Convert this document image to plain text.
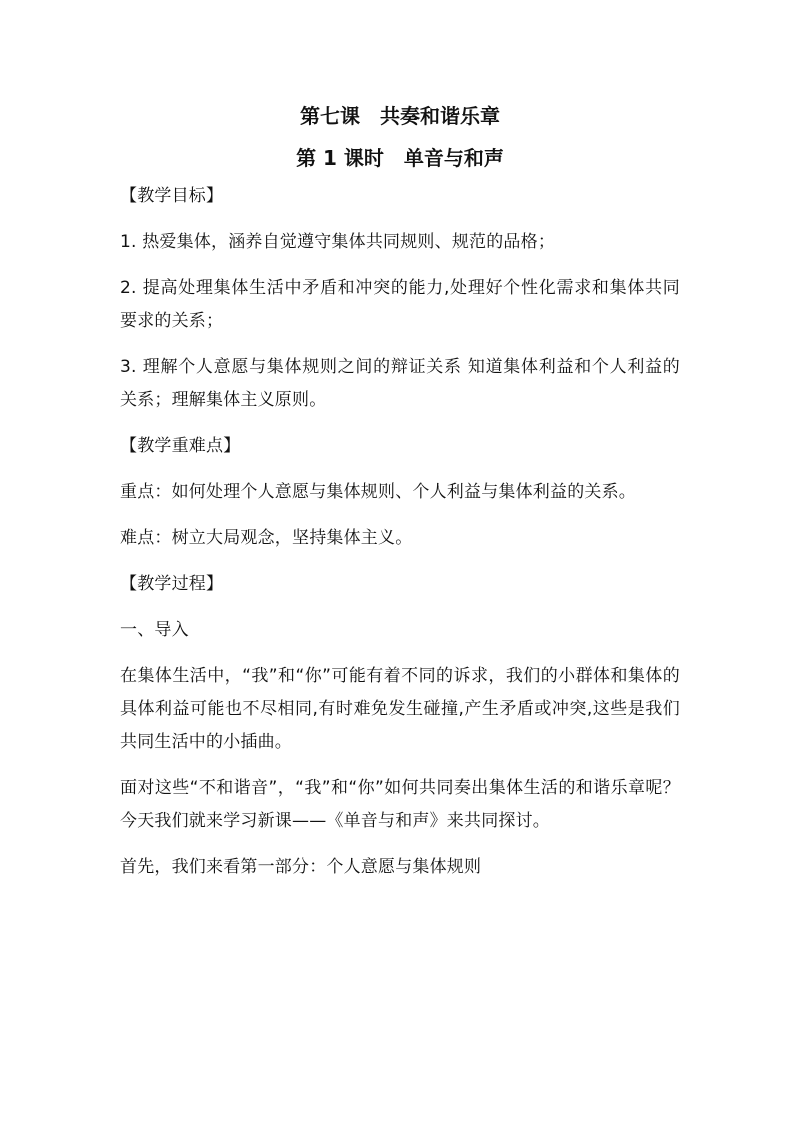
第七课　共奏和谐乐章
第 1 课时　单音与和声

【教学目标】

1. 热爱集体，涵养自觉遵守集体共同规则、规范的品格；

2. 提高处理集体生活中矛盾和冲突的能力,处理好个性化需求和集体共同要求的关系；

3. 理解个人意愿与集体规则之间的辩证关系 知道集体利益和个人利益的关系；理解集体主义原则。

【教学重难点】

重点：如何处理个人意愿与集体规则、个人利益与集体利益的关系。

难点：树立大局观念，坚持集体主义。

【教学过程】

一、导入

在集体生活中，“我”和“你”可能有着不同的诉求，我们的小群体和集体的具体利益可能也不尽相同,有时难免发生碰撞,产生矛盾或冲突,这些是我们共同生活中的小插曲。

面对这些“不和谐音”，“我”和“你”如何共同奏出集体生活的和谐乐章呢？今天我们就来学习新课——《单音与和声》来共同探讨。

首先，我们来看第一部分：个人意愿与集体规则
